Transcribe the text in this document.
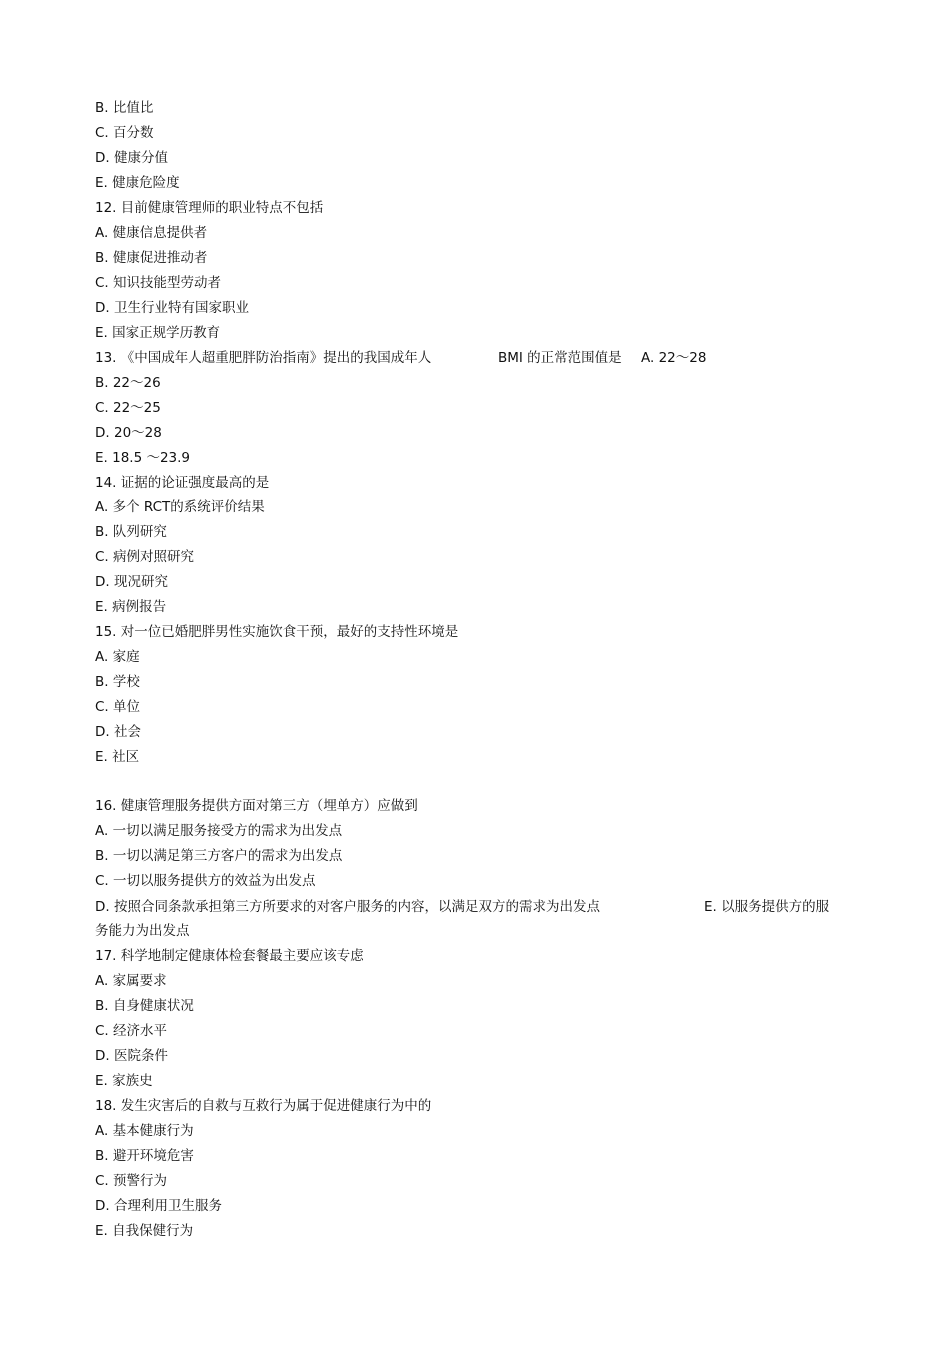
B. 比值比
C. 百分数
D. 健康分值
E. 健康危险度
12. 目前健康管理师的职业特点不包括
A. 健康信息提供者
B. 健康促进推动者
C. 知识技能型劳动者
D. 卫生行业特有国家职业
E. 国家正规学历教育
13. 《中国成年人超重肥胖防治指南》提出的我国成年人	BMI 的正常范围值是 A. 22～28
B. 22～26
C. 22～25
D. 20～28
E. 18.5 ～23.9
14. 证据的论证强度最高的是
A. 多个 RCT的系统评价结果
B. 队列研究
C. 病例对照研究
D. 现况研究
E. 病例报告
15. 对一位已婚肥胖男性实施饮食干预，最好的支持性环境是
A. 家庭
B. 学校
C. 单位
D. 社会
E. 社区
16. 健康管理服务提供方面对第三方（埋单方）应做到
A. 一切以满足服务接受方的需求为出发点
B. 一切以满足第三方客户的需求为出发点
C. 一切以服务提供方的效益为出发点
D. 按照合同条款承担第三方所要求的对客户服务的内容，以满足双方的需求为出发点	E. 以服务提供方的服
务能力为出发点
17. 科学地制定健康体检套餐最主要应该专虑
A. 家属要求
B. 自身健康状况
C. 经济水平
D. 医院条件
E. 家族史
18. 发生灾害后的自救与互救行为属于促进健康行为中的
A. 基本健康行为
B. 避开环境危害
C. 预警行为
D. 合理利用卫生服务
E. 自我保健行为
